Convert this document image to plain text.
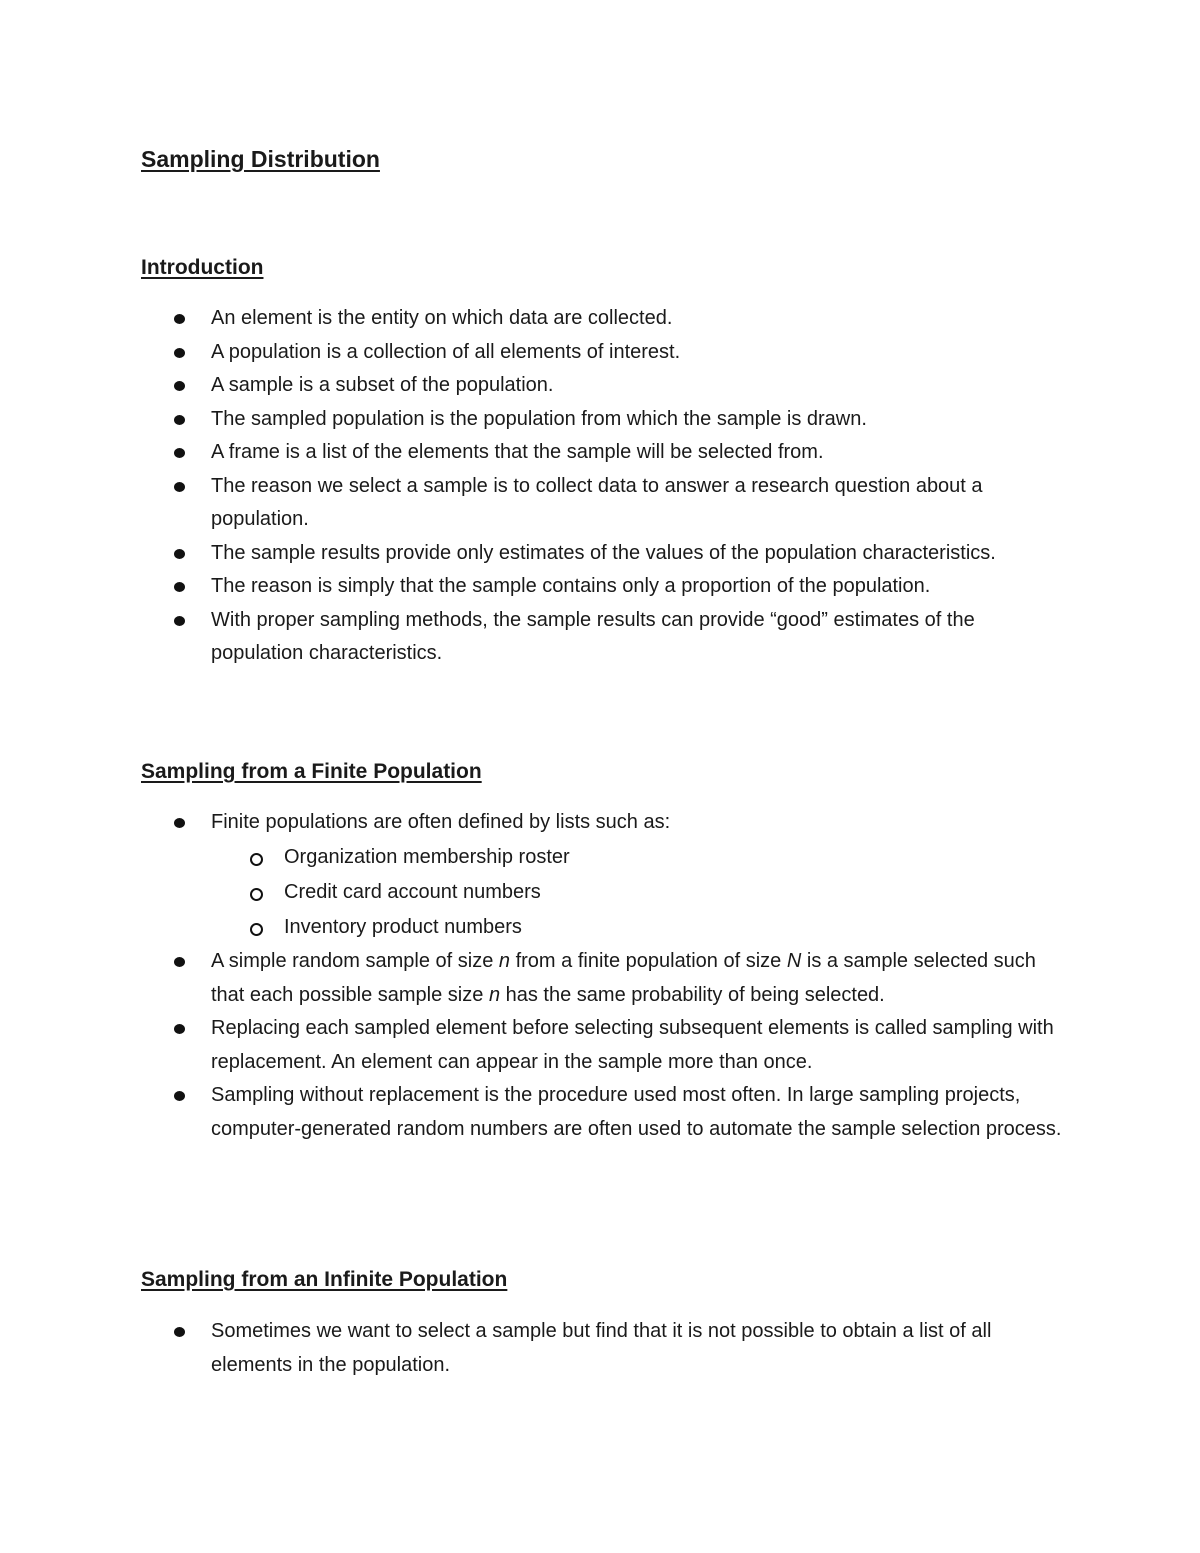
Sampling Distribution
Introduction
An element is the entity on which data are collected.
A population is a collection of all elements of interest.
A sample is a subset of the population.
The sampled population is the population from which the sample is drawn.
A frame is a list of the elements that the sample will be selected from.
The reason we select a sample is to collect data to answer a research question about a population.
The sample results provide only estimates of the values of the population characteristics.
The reason is simply that the sample contains only a proportion of the population.
With proper sampling methods, the sample results can provide “good” estimates of the population characteristics.
Sampling from a Finite Population
Finite populations are often defined by lists such as:
Organization membership roster
Credit card account numbers
Inventory product numbers
A simple random sample of size n from a finite population of size N is a sample selected such that each possible sample size n has the same probability of being selected.
Replacing each sampled element before selecting subsequent elements is called sampling with replacement. An element can appear in the sample more than once.
Sampling without replacement is the procedure used most often. In large sampling projects, computer-generated random numbers are often used to automate the sample selection process.
Sampling from an Infinite Population
Sometimes we want to select a sample but find that it is not possible to obtain a list of all elements in the population.
